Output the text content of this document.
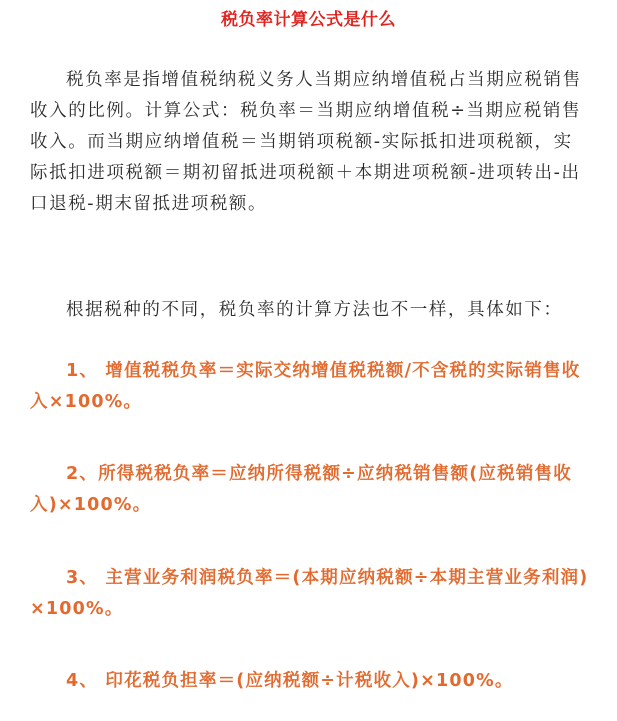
税负率计算公式是什么
税负率是指增值税纳税义务人当期应纳增值税占当期应税销售收入的比例。计算公式：税负率＝当期应纳增值税÷当期应税销售收入。而当期应纳增值税＝当期销项税额-实际抵扣进项税额，实际抵扣进项税额＝期初留抵进项税额＋本期进项税额-进项转出-出口退税-期末留抵进项税额。
根据税种的不同，税负率的计算方法也不一样，具体如下：
1、 增值税税负率＝实际交纳增值税税额/不含税的实际销售收入×100%。
2、所得税税负率＝应纳所得税额÷应纳税销售额(应税销售收入)×100%。
3、 主营业务利润税负率＝(本期应纳税额÷本期主营业务利润)×100%。
4、 印花税负担率＝(应纳税额÷计税收入)×100%。
